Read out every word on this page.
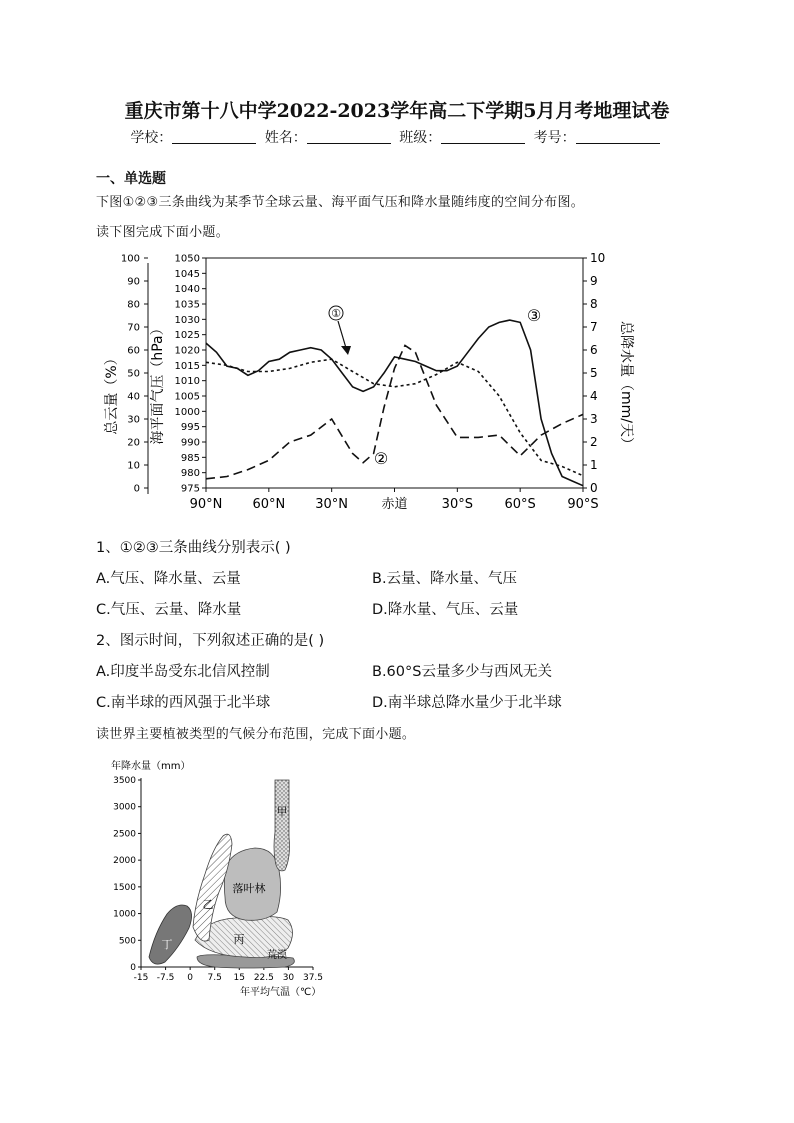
重庆市第十八中学2022-2023学年高二下学期5月月考地理试卷
学校：	姓名：	班级：	考号：
一、单选题
下图①②③三条曲线为某季节全球云量、海平面气压和降水量随纬度的空间分布图。
读下图完成下面小题。
0
10
20
30
40
50
60
70
80
90
100
975
980
985
990
995
1000
1005
1010
1015
1020
1025
1030
1035
1040
1045
1050
0
1
2
3
4
5
6
7
8
9
10
90°N 60°N 30°N	赤道	30°S 60°S 90°S
总云量（%） 海平面气压（hPa）	总降水量（mm/天）
①
②
③
1、①②③三条曲线分别表示( )
A.气压、降水量、云量	B.云量、降水量、气压
C.气压、云量、降水量	D.降水量、气压、云量
2、图示时间，下列叙述正确的是( )
A.印度半岛受东北信风控制	B.60°S云量多少与西风无关
C.南半球的西风强于北半球	D.南半球总降水量少于北半球
读世界主要植被类型的气候分布范围，完成下面小题。
0
500
1000
1500
2000
2500
3000
3500
-15 -7.5 0 7.5 15 22.5 30 37.5
甲
乙
丙
丁
落叶林
荒漠
年降水量（mm）
年平均气温（℃）
